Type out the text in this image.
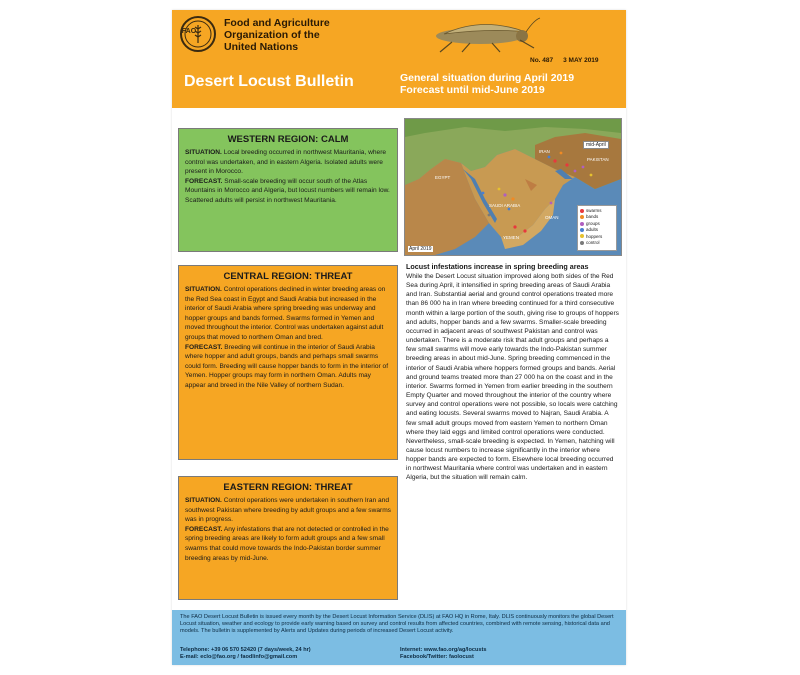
FAO
Food and Agriculture
Organization of the
United Nations
No. 487 3 MAY 2019
Desert Locust Bulletin	General situation during April 2019
Forecast until mid-June 2019
WESTERN REGION: CALM

SITUATION. Local breeding occurred in northwest Mauritania, where control was undertaken, and in eastern Algeria. Isolated adults were present in Morocco.

FORECAST. Small-scale breeding will occur south of the Atlas Mountains in Morocco and Algeria, but locust numbers will remain low. Scattered adults will persist in northwest Mauritania.

CENTRAL REGION: THREAT

SITUATION. Control operations declined in winter breeding areas on the Red Sea coast in Egypt and Saudi Arabia but increased in the interior of Saudi Arabia where spring breeding was underway and hopper groups and bands formed. Swarms formed in Yemen and moved throughout the interior. Control was undertaken against adult groups that moved to northern Oman and bred.

FORECAST. Breeding will continue in the interior of Saudi Arabia where hopper and adult groups, bands and perhaps small swarms could form. Breeding will cause hopper bands to form in the interior of Yemen. Hopper groups may form in northern Oman. Adults may appear and breed in the Nile Valley of northern Sudan.

EASTERN REGION: THREAT

SITUATION. Control operations were undertaken in southern Iran and southwest Pakistan where breeding by adult groups and a few swarms was in progress.

FORECAST. Any infestations that are not detected or controlled in the spring breeding areas are likely to form adult groups and a few small swarms that could move towards the Indo-Pakistan border summer breeding areas by mid-June.

IRAN
PAKISTAN
SAUDI ARABIA
OMAN
YEMEN
EGYPT
mid-April
swarms
bands
groups
adults
hoppers
control
April 2019
Locust infestations increase in spring breeding areas

While the Desert Locust situation improved along both sides of the Red Sea during April, it intensified in spring breeding areas of Saudi Arabia and Iran. Substantial aerial and ground control operations treated more than 86 000 ha in Iran where breeding continued for a third consecutive month within a large portion of the south, giving rise to groups of hoppers and adults, hopper bands and a few swarms. Smaller-scale breeding occurred in adjacent areas of southwest Pakistan and control was undertaken. There is a moderate risk that adult groups and perhaps a few small swarms will move early towards the Indo-Pakistan summer breeding areas in about mid-June. Spring breeding commenced in the interior of Saudi Arabia where hoppers formed groups and bands. Aerial and ground teams treated more than 27 000 ha on the coast and in the interior. Swarms formed in Yemen from earlier breeding in the southern Empty Quarter and moved throughout the interior of the country where survey and control operations were not possible, so locals were catching and eating locusts. Several swarms moved to Najran, Saudi Arabia. A few small adult groups moved from eastern Yemen to northern Oman where they laid eggs and limited control operations were conducted. Nevertheless, small-scale breeding is expected. In Yemen, hatching will cause locust numbers to increase significantly in the interior where hopper bands are expected to form. Elsewhere local breeding occurred in northwest Mauritania where control was undertaken and in eastern Algeria, but the situation will remain calm.

The FAO Desert Locust Bulletin is issued every month by the Desert Locust Information Service (DLIS) at FAO HQ in Rome, Italy. DLIS continuously monitors the global Desert Locust situation, weather and ecology to provide early warning based on survey and control results from affected countries, combined with remote sensing, historical data and models. The bulletin is supplemented by Alerts and Updates during periods of increased Desert Locust activity.

Telephone: +39 06 570 52420 (7 days/week, 24 hr)
E-mail: eclo@fao.org / faodlinfo@gmail.com
Internet: www.fao.org/ag/locusts
Facebook/Twitter: faolocust
